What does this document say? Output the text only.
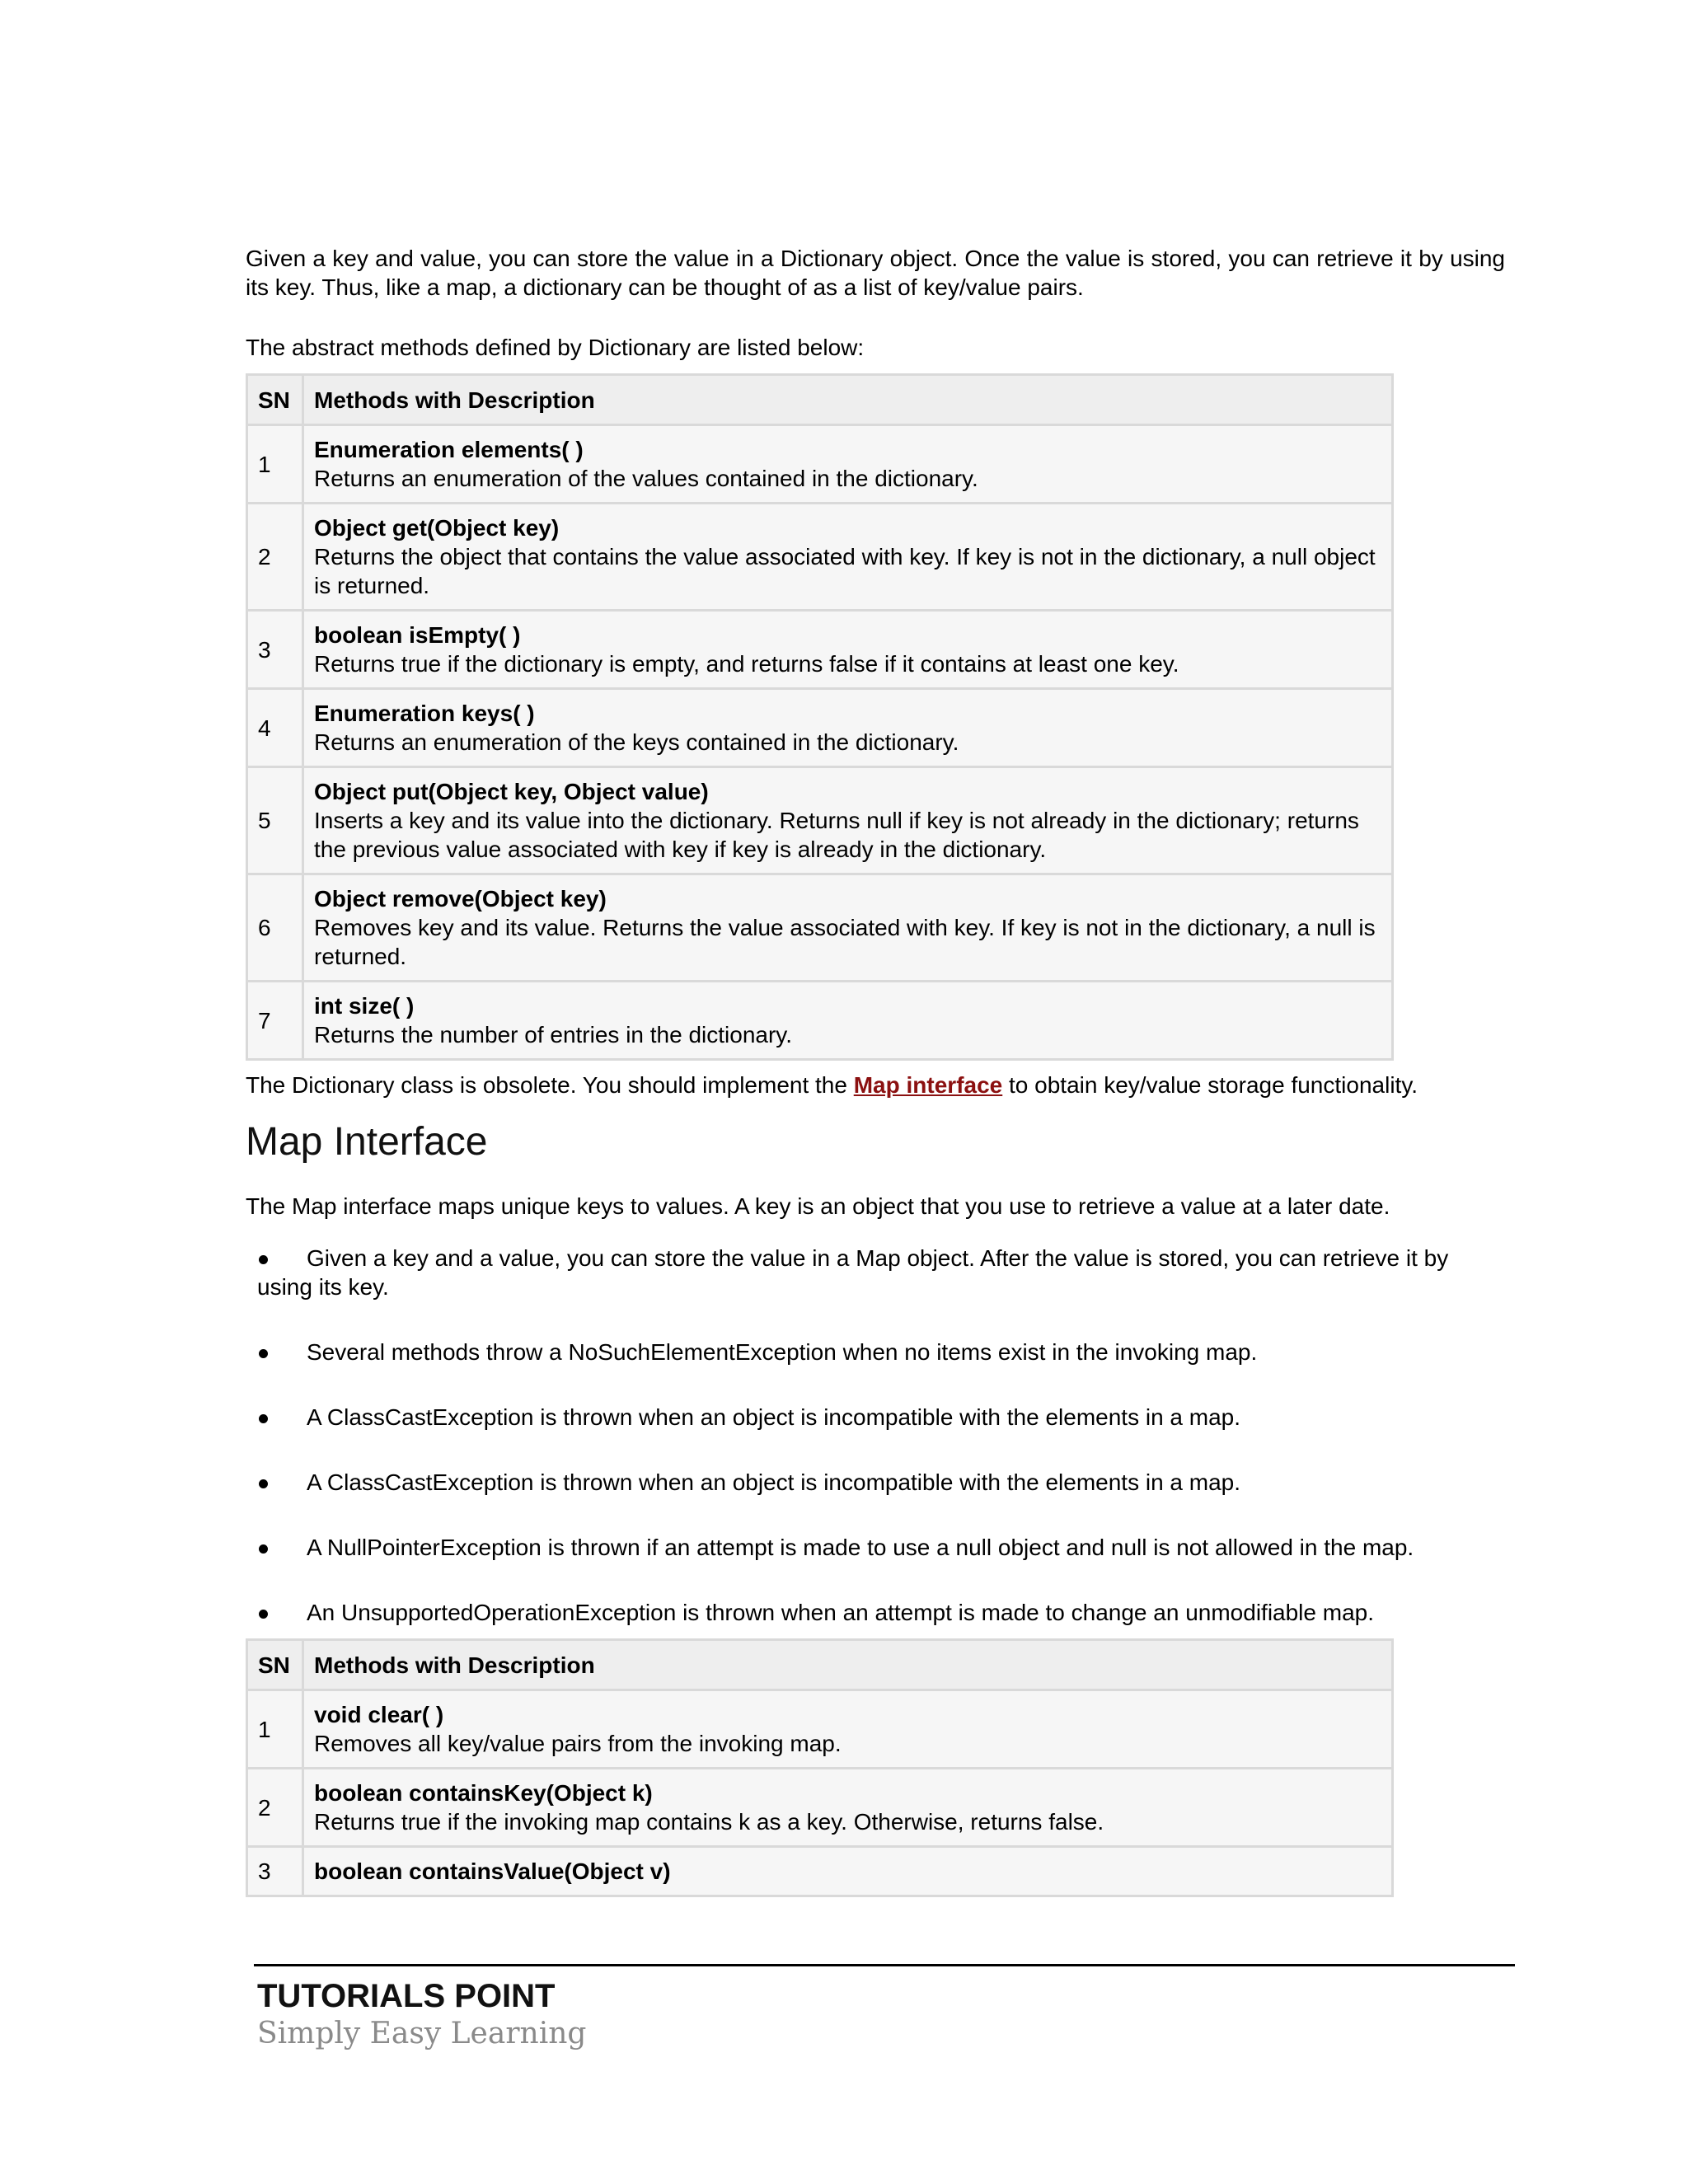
Given a key and value, you can store the value in a Dictionary object. Once the value is stored, you can retrieve it by using its key. Thus, like a map, a dictionary can be thought of as a list of key/value pairs.

The abstract methods defined by Dictionary are listed below:

SN	Methods with Description
1	Enumeration elements( )
Returns an enumeration of the values contained in the dictionary.

2	Object get(Object key)
Returns the object that contains the value associated with key. If key is not in the dictionary, a null object is returned.

3	boolean isEmpty( )
Returns true if the dictionary is empty, and returns false if it contains at least one key.

4	Enumeration keys( )
Returns an enumeration of the keys contained in the dictionary.

5	Object put(Object key, Object value)
Inserts a key and its value into the dictionary. Returns null if key is not already in the dictionary; returns the previous value associated with key if key is already in the dictionary.

6	Object remove(Object key)
Removes key and its value. Returns the value associated with key. If key is not in the dictionary, a null is returned.

7	int size( )
Returns the number of entries in the dictionary.

The Dictionary class is obsolete. You should implement the Map interface to obtain key/value storage functionality.

Map Interface

The Map interface maps unique keys to values. A key is an object that you use to retrieve a value at a later date.

Given a key and a value, you can store the value in a Map object. After the value is stored, you can retrieve it by using its key.
Several methods throw a NoSuchElementException when no items exist in the invoking map.
A ClassCastException is thrown when an object is incompatible with the elements in a map.
A ClassCastException is thrown when an object is incompatible with the elements in a map.
A NullPointerException is thrown if an attempt is made to use a null object and null is not allowed in the map.
An UnsupportedOperationException is thrown when an attempt is made to change an unmodifiable map.
SN	Methods with Description
1	void clear( )
Removes all key/value pairs from the invoking map.

2	boolean containsKey(Object k)
Returns true if the invoking map contains k as a key. Otherwise, returns false.

3	boolean containsValue(Object v)
TUTORIALS POINT
Simply Easy Learning
